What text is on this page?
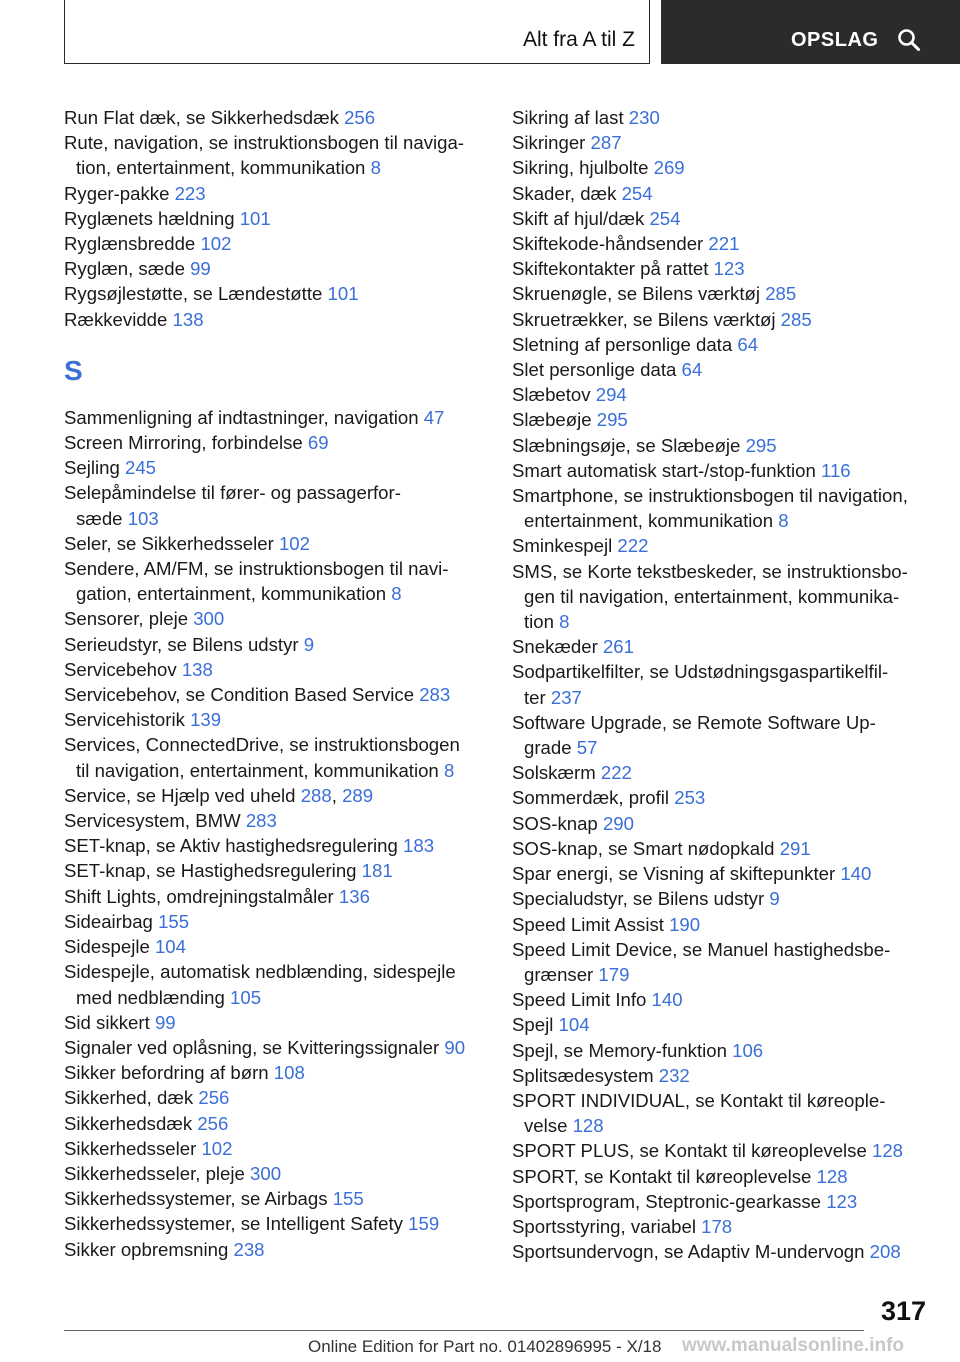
Alt fra A til Z	OPSLAG
Run Flat dæk, se Sikkerhedsdæk 256
Rute, navigation, se instruktionsbogen til naviga-
tion, entertainment, kommunikation 8
Ryger-pakke 223
Ryglænets hældning 101
Ryglænsbredde 102
Ryglæn, sæde 99
Rygsøjlestøtte, se Lændestøtte 101
Rækkevidde 138
S
Sammenligning af indtastninger, navigation 47
Screen Mirroring, forbindelse 69
Sejling 245
Selepåmindelse til fører- og passagerfor-
sæde 103
Seler, se Sikkerhedsseler 102
Sendere, AM/FM, se instruktionsbogen til navi-
gation, entertainment, kommunikation 8
Sensorer, pleje 300
Serieudstyr, se Bilens udstyr 9
Servicebehov 138
Servicebehov, se Condition Based Service 283
Servicehistorik 139
Services, ConnectedDrive, se instruktionsbogen
til navigation, entertainment, kommunikation 8
Service, se Hjælp ved uheld 288, 289
Servicesystem, BMW 283
SET-knap, se Aktiv hastighedsregulering 183
SET-knap, se Hastighedsregulering 181
Shift Lights, omdrejningstalmåler 136
Sideairbag 155
Sidespejle 104
Sidespejle, automatisk nedblænding, sidespejle
med nedblænding 105
Sid sikkert 99
Signaler ved oplåsning, se Kvitteringssignaler 90
Sikker befordring af børn 108
Sikkerhed, dæk 256
Sikkerhedsdæk 256
Sikkerhedsseler 102
Sikkerhedsseler, pleje 300
Sikkerhedssystemer, se Airbags 155
Sikkerhedssystemer, se Intelligent Safety 159
Sikker opbremsning 238
Sikring af last 230
Sikringer 287
Sikring, hjulbolte 269
Skader, dæk 254
Skift af hjul/dæk 254
Skiftekode-håndsender 221
Skiftekontakter på rattet 123
Skruenøgle, se Bilens værktøj 285
Skruetrækker, se Bilens værktøj 285
Sletning af personlige data 64
Slet personlige data 64
Slæbetov 294
Slæbeøje 295
Slæbningsøje, se Slæbeøje 295
Smart automatisk start-/stop-funktion 116
Smartphone, se instruktionsbogen til navigation,
entertainment, kommunikation 8
Sminkespejl 222
SMS, se Korte tekstbeskeder, se instruktionsbo-
gen til navigation, entertainment, kommunika-
tion 8
Snekæder 261
Sodpartikelfilter, se Udstødningsgaspartikelfil-
ter 237
Software Upgrade, se Remote Software Up-
grade 57
Solskærm 222
Sommerdæk, profil 253
SOS-knap 290
SOS-knap, se Smart nødopkald 291
Spar energi, se Visning af skiftepunkter 140
Specialudstyr, se Bilens udstyr 9
Speed Limit Assist 190
Speed Limit Device, se Manuel hastighedsbe-
grænser 179
Speed Limit Info 140
Spejl 104
Spejl, se Memory-funktion 106
Splitsædesystem 232
SPORT INDIVIDUAL, se Kontakt til køreople-
velse 128
SPORT PLUS, se Kontakt til køreoplevelse 128
SPORT, se Kontakt til køreoplevelse 128
Sportsprogram, Steptronic-gearkasse 123
Sportsstyring, variabel 178
Sportsundervogn, se Adaptiv M-undervogn 208
317
Online Edition for Part no. 01402896995 - X/18 www.manualsonline.info
